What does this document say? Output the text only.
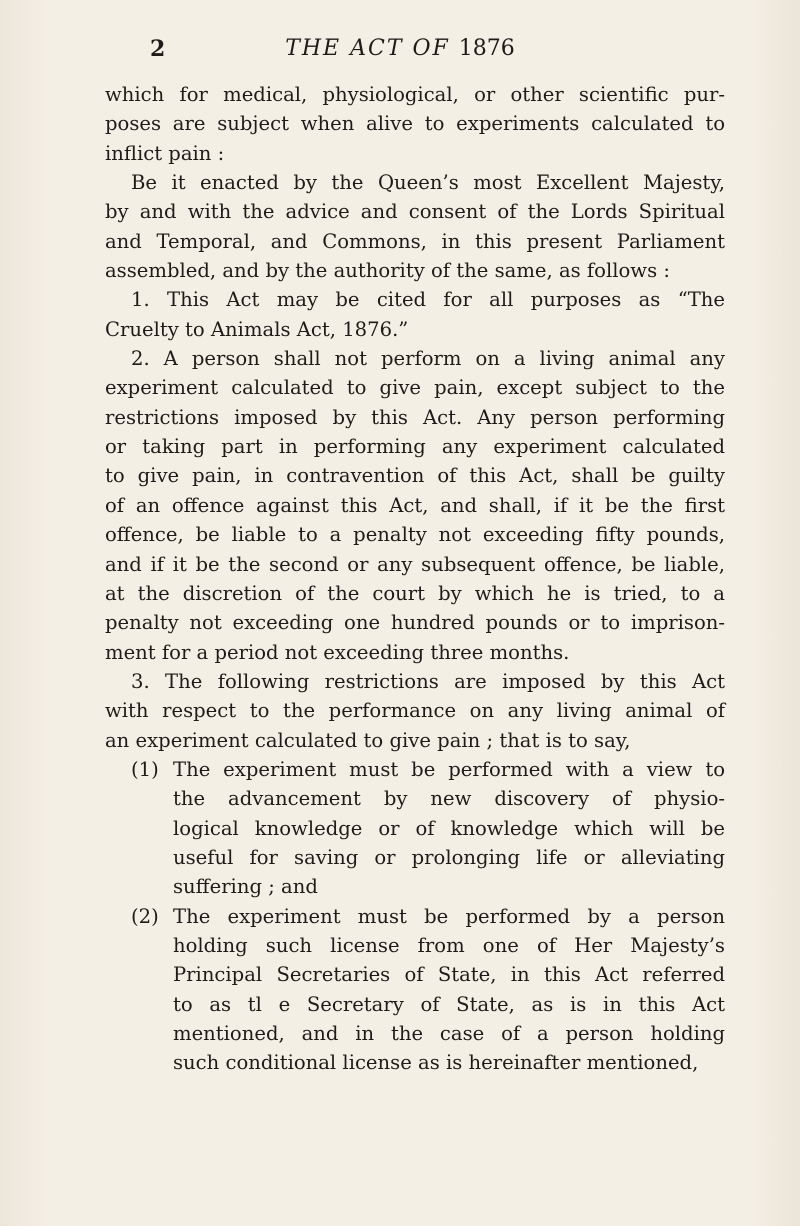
2	THE ACT OF 1876
which for medical, physiological, or other scientific pur-
poses are subject when alive to experiments calculated to
inflict pain :
Be it enacted by the Queen’s most Excellent Majesty,
by and with the advice and consent of the Lords Spiritual
and Temporal, and Commons, in this present Parliament
assembled, and by the authority of the same, as follows :
1. This Act may be cited for all purposes as “The
Cruelty to Animals Act, 1876.”
2. A person shall not perform on a living animal any
experiment calculated to give pain, except subject to the
restrictions imposed by this Act. Any person performing
or taking part in performing any experiment calculated
to give pain, in contravention of this Act, shall be guilty
of an offence against this Act, and shall, if it be the first
offence, be liable to a penalty not exceeding fifty pounds,
and if it be the second or any subsequent offence, be liable,
at the discretion of the court by which he is tried, to a
penalty not exceeding one hundred pounds or to imprison-
ment for a period not exceeding three months.
3. The following restrictions are imposed by this Act
with respect to the performance on any living animal of
an experiment calculated to give pain ; that is to say,
(1) The experiment must be performed with a view to
the advancement by new discovery of physio-
logical knowledge or of knowledge which will be
useful for saving or prolonging life or alleviating
suffering ; and
(2) The experiment must be performed by a person
holding such license from one of Her Majesty’s
Principal Secretaries of State, in this Act referred
to as tl e Secretary of State, as is in this Act
mentioned, and in the case of a person holding
such conditional license as is hereinafter mentioned,
